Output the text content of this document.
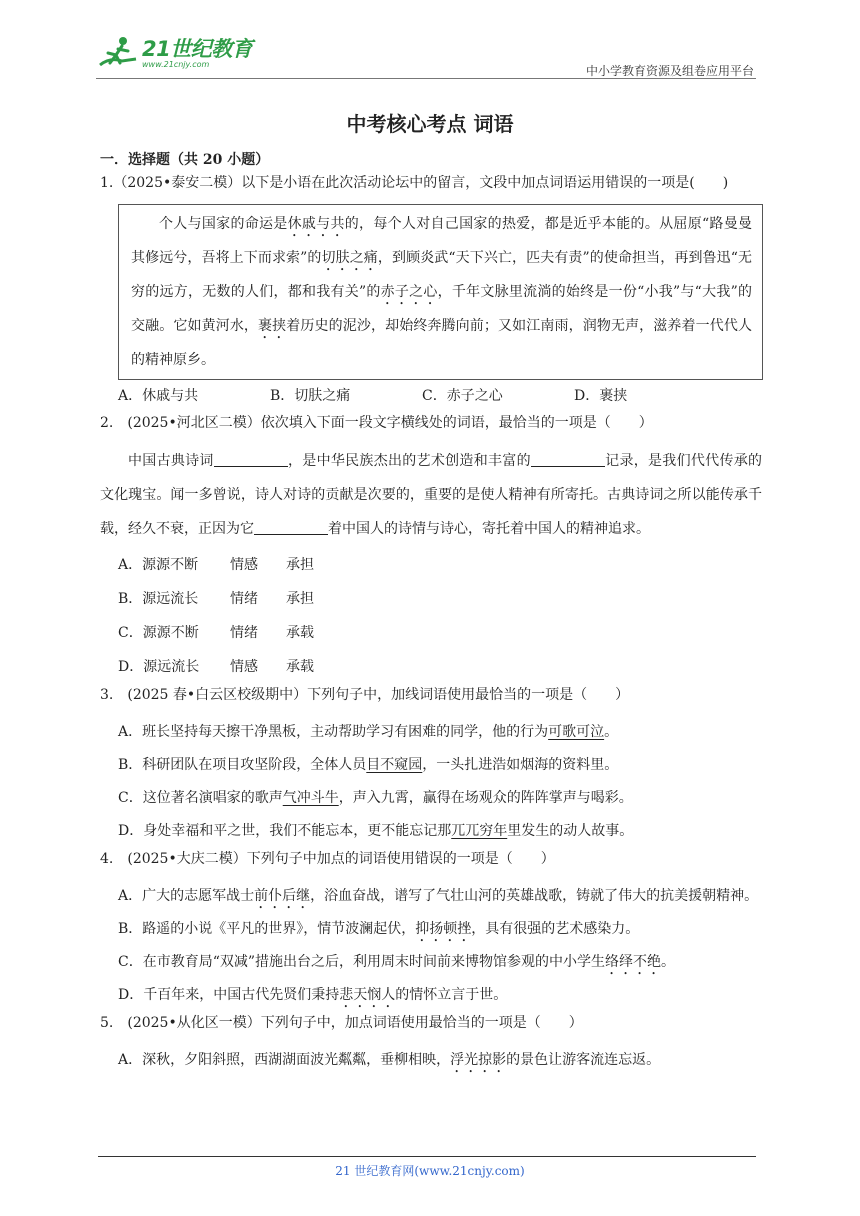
21世纪教育
www.21cnjy.com	中小学教育资源及组卷应用平台
中考核心考点 词语
一．选择题（共 20 小题）
1.（2025•泰安二模）以下是小语在此次活动论坛中的留言，文段中加点词语运用错误的一项是(　　)
个人与国家的命运是休戚与共的，每个人对自己国家的热爱，都是近乎本能的。从屈原“路曼曼其修远兮，吾将上下而求索”的切肤之痛，到顾炎武“天下兴亡，匹夫有责”的使命担当，再到鲁迅“无穷的远方，无数的人们，都和我有关”的赤子之心，千年文脉里流淌的始终是一份“小我”与“大我”的交融。它如黄河水，裹挟着历史的泥沙，却始终奔腾向前；又如江南雨，润物无声，滋养着一代代人的精神原乡。
A．休戚与共	B．切肤之痛	C．赤子之心	D．裹挟
2.　(2025•河北区二模）依次填入下面一段文字横线处的词语，最恰当的一项是（　　）
中国古典诗词	，是中华民族杰出的艺术创造和丰富的	记录，是我们代代传承的文化瑰宝。闻一多曾说，诗人对诗的贡献是次要的，重要的是使人精神有所寄托。古典诗词之所以能传承千载，经久不衰，正因为它	着中国人的诗情与诗心，寄托着中国人的精神追求。
A．源源不断 情感 承担
B．源远流长 情绪 承担
C．源源不断 情绪 承载
D．源远流长 情感 承载
3.　(2025 春•白云区校级期中）下列句子中，加线词语使用最恰当的一项是（　　）
A．班长坚持每天擦干净黑板，主动帮助学习有困难的同学，他的行为可歌可泣。
B．科研团队在项目攻坚阶段，全体人员目不窥园，一头扎进浩如烟海的资料里。
C．这位著名演唱家的歌声气冲斗牛，声入九霄，赢得在场观众的阵阵掌声与喝彩。
D．身处幸福和平之世，我们不能忘本，更不能忘记那兀兀穷年里发生的动人故事。
4.　(2025•大庆二模）下列句子中加点的词语使用错误的一项是（　　）
A．广大的志愿军战士前仆后继，浴血奋战，谱写了气壮山河的英雄战歌，铸就了伟大的抗美援朝精神。
B．路遥的小说《平凡的世界》，情节波澜起伏，抑扬顿挫，具有很强的艺术感染力。
C．在市教育局“双减”措施出台之后，利用周末时间前来博物馆参观的中小学生络绎不绝。
D．千百年来，中国古代先贤们秉持悲天悯人的情怀立言于世。
5.　(2025•从化区一模）下列句子中，加点词语使用最恰当的一项是（　　）
A．深秋，夕阳斜照，西湖湖面波光粼粼，垂柳相映，浮光掠影的景色让游客流连忘返。
21 世纪教育网(www.21cnjy.com)
